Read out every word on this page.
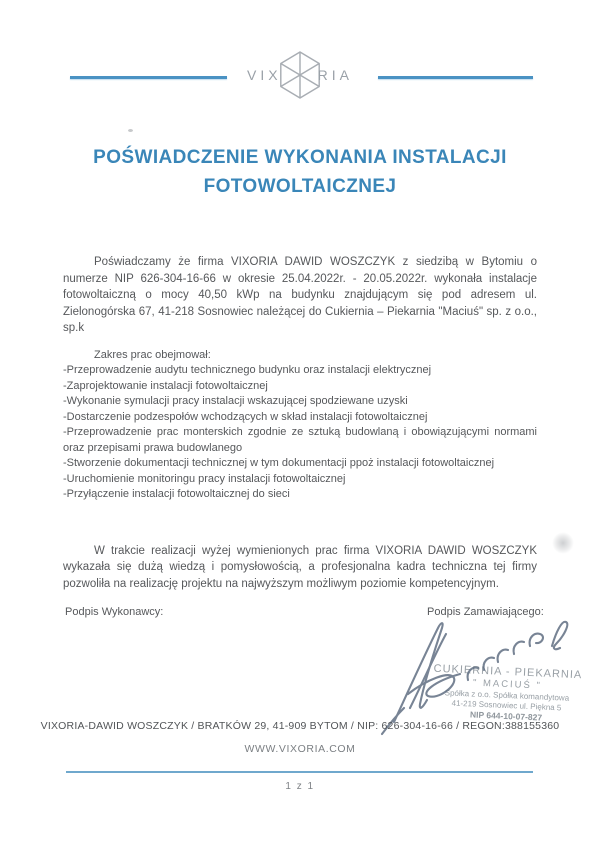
VIX	RIA
POŚWIADCZENIE WYKONANIA INSTALACJI
FOTOWOLTAICZNEJ

Poświadczamy że firma VIXORIA DAWID WOSZCZYK z siedzibą w Bytomiu o numerze NIP 626-304-16-66 w okresie 25.04.2022r. - 20.05.2022r. wykonała instalacje fotowoltaiczną o mocy 40,50 kWp na budynku znajdującym się pod adresem ul. Zielonogórska 67, 41-218 Sosnowiec należącej do Cukiernia – Piekarnia "Maciuś" sp. z o.o., sp.k

Zakres prac obejmował:

-Przeprowadzenie audytu technicznego budynku oraz instalacji elektrycznej

-Zaprojektowanie instalacji fotowoltaicznej

-Wykonanie symulacji pracy instalacji wskazującej spodziewane uzyski

-Dostarczenie podzespołów wchodzących w skład instalacji fotowoltaicznej

-Przeprowadzenie prac monterskich zgodnie ze sztuką budowlaną i obowiązującymi normami oraz przepisami prawa budowlanego

-Stworzenie dokumentacji technicznej w tym dokumentacji ppoż instalacji fotowoltaicznej

-Uruchomienie monitoringu pracy instalacji fotowoltaicznej

-Przyłączenie instalacji fotowoltaicznej do sieci

W trakcie realizacji wyżej wymienionych prac firma VIXORIA DAWID WOSZCZYK wykazała się dużą wiedzą i pomysłowością, a profesjonalna kadra techniczna tej firmy pozwoliła na realizację projektu na najwyższym możliwym poziomie kompetencyjnym.

Podpis Wykonawcy:	Podpis Zamawiającego:
CUKIERNIA - PIEKARNIA
" MACIUŚ "
Spółka z o.o. Spółka komandytowa
41-219 Sosnowiec ul. Piękna 5
NIP 644-10-07-827
VIXORIA-DAWID WOSZCZYK / BRATKÓW 29, 41-909 BYTOM / NIP: 626-304-16-66 / REGON:388155360
WWW.VIXORIA.COM
1 z 1
